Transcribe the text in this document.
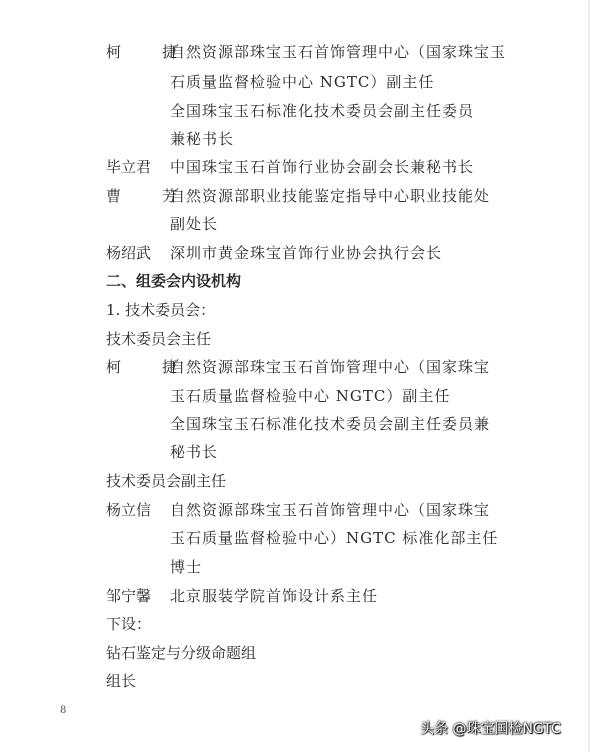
柯　捷
自然资源部珠宝玉石首饰管理中心（国家珠宝玉
石质量监督检验中心 NGTC）副主任
全国珠宝玉石标准化技术委员会副主任委员
兼秘书长
毕立君 中国珠宝玉石首饰行业协会副会长兼秘书长
曹　芳
自然资源部职业技能鉴定指导中心职业技能处
副处长
杨绍武 深圳市黄金珠宝首饰行业协会执行会长
二、组委会内设机构
1. 技术委员会：
技术委员会主任
柯　捷
自然资源部珠宝玉石首饰管理中心（国家珠宝
玉石质量监督检验中心 NGTC）副主任
全国珠宝玉石标准化技术委员会副主任委员兼
秘书长
技术委员会副主任
杨立信 自然资源部珠宝玉石首饰管理中心（国家珠宝
玉石质量监督检验中心）NGTC 标准化部主任
博士
邹宁馨 北京服装学院首饰设计系主任
下设：
钻石鉴定与分级命题组
组长
8
头条 @珠宝国检NGTC
